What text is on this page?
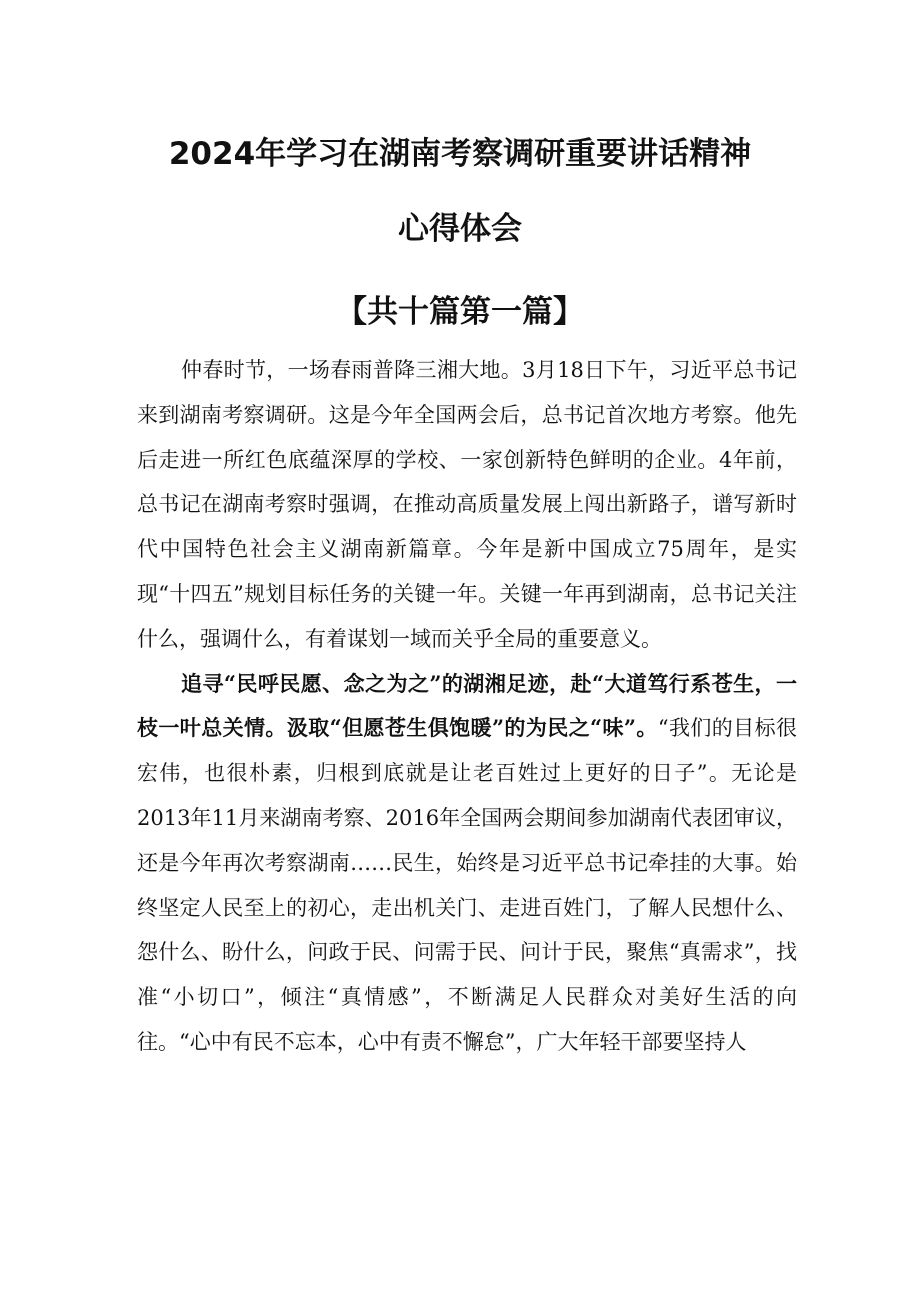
2024年学习在湖南考察调研重要讲话精神
心得体会
【共十篇第一篇】

仲春时节，一场春雨普降三湘大地。3月18日下午，习近平总书记来到湖南考察调研。这是今年全国两会后，总书记首次地方考察。他先后走进一所红色底蕴深厚的学校、一家创新特色鲜明的企业。4年前，总书记在湖南考察时强调，在推动高质量发展上闯出新路子，谱写新时代中国特色社会主义湖南新篇章。今年是新中国成立75周年，是实现“十四五”规划目标任务的关键一年。关键一年再到湖南，总书记关注什么，强调什么，有着谋划一域而关乎全局的重要意义。

追寻“民呼民愿、念之为之”的湖湘足迹，赴“大道笃行系苍生，一枝一叶总关情。汲取“但愿苍生俱饱暖”的为民之“味”。“我们的目标很宏伟，也很朴素，归根到底就是让老百姓过上更好的日子”。无论是2013年11月来湖南考察、2016年全国两会期间参加湖南代表团审议，还是今年再次考察湖南……民生，始终是习近平总书记牵挂的大事。始终坚定人民至上的初心，走出机关门、走进百姓门，了解人民想什么、怨什么、盼什么，问政于民、问需于民、问计于民，聚焦“真需求”，找准“小切口”，倾注“真情感”，不断满足人民群众对美好生活的向往。“心中有民不忘本，心中有责不懈怠”，广大年轻干部要坚持人
